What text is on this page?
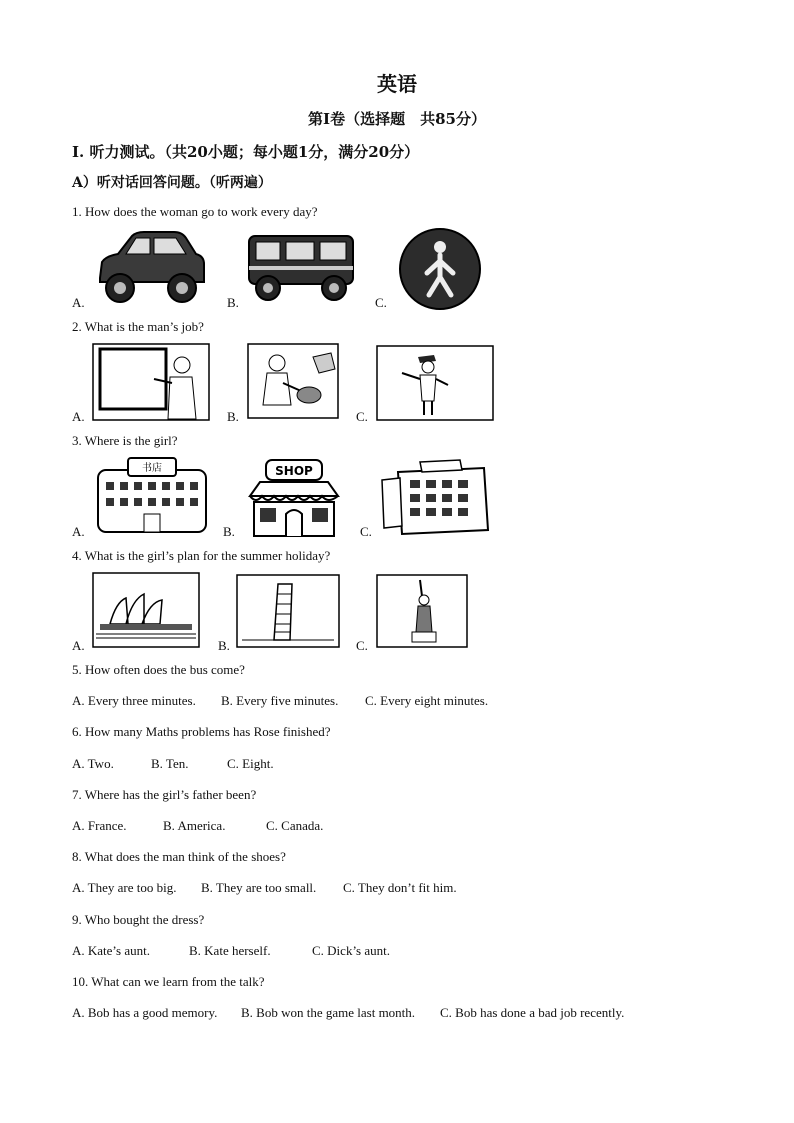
英语
第Ⅰ卷（选择题　共85分）
Ⅰ. 听力测试。（共20小题；每小题1分，满分20分）
A）听对话回答问题。（听两遍）
1. How does the woman go to work every day?
A.	B.	C.
2. What is the man’s job?
A.	B.	C.
3. Where is the girl?
A.	B.	C.
书店	SHOP
4. What is the girl’s plan for the summer holiday?
A.	B.	C.
5. How often does the bus come?
A. Every three minutes. B. Every five minutes. C. Every eight minutes.
6. How many Maths problems has Rose finished?
A. Two.	B. Ten.	C. Eight.
7. Where has the girl’s father been?
A. France.	B. America.	C. Canada.
8. What does the man think of the shoes?
A. They are too big. B. They are too small. C. They don’t fit him.
9. Who bought the dress?
A. Kate’s aunt.	B. Kate herself.	C. Dick’s aunt.
10. What can we learn from the talk?
A. Bob has a good memory. B. Bob won the game last month. C. Bob has done a bad job recently.
